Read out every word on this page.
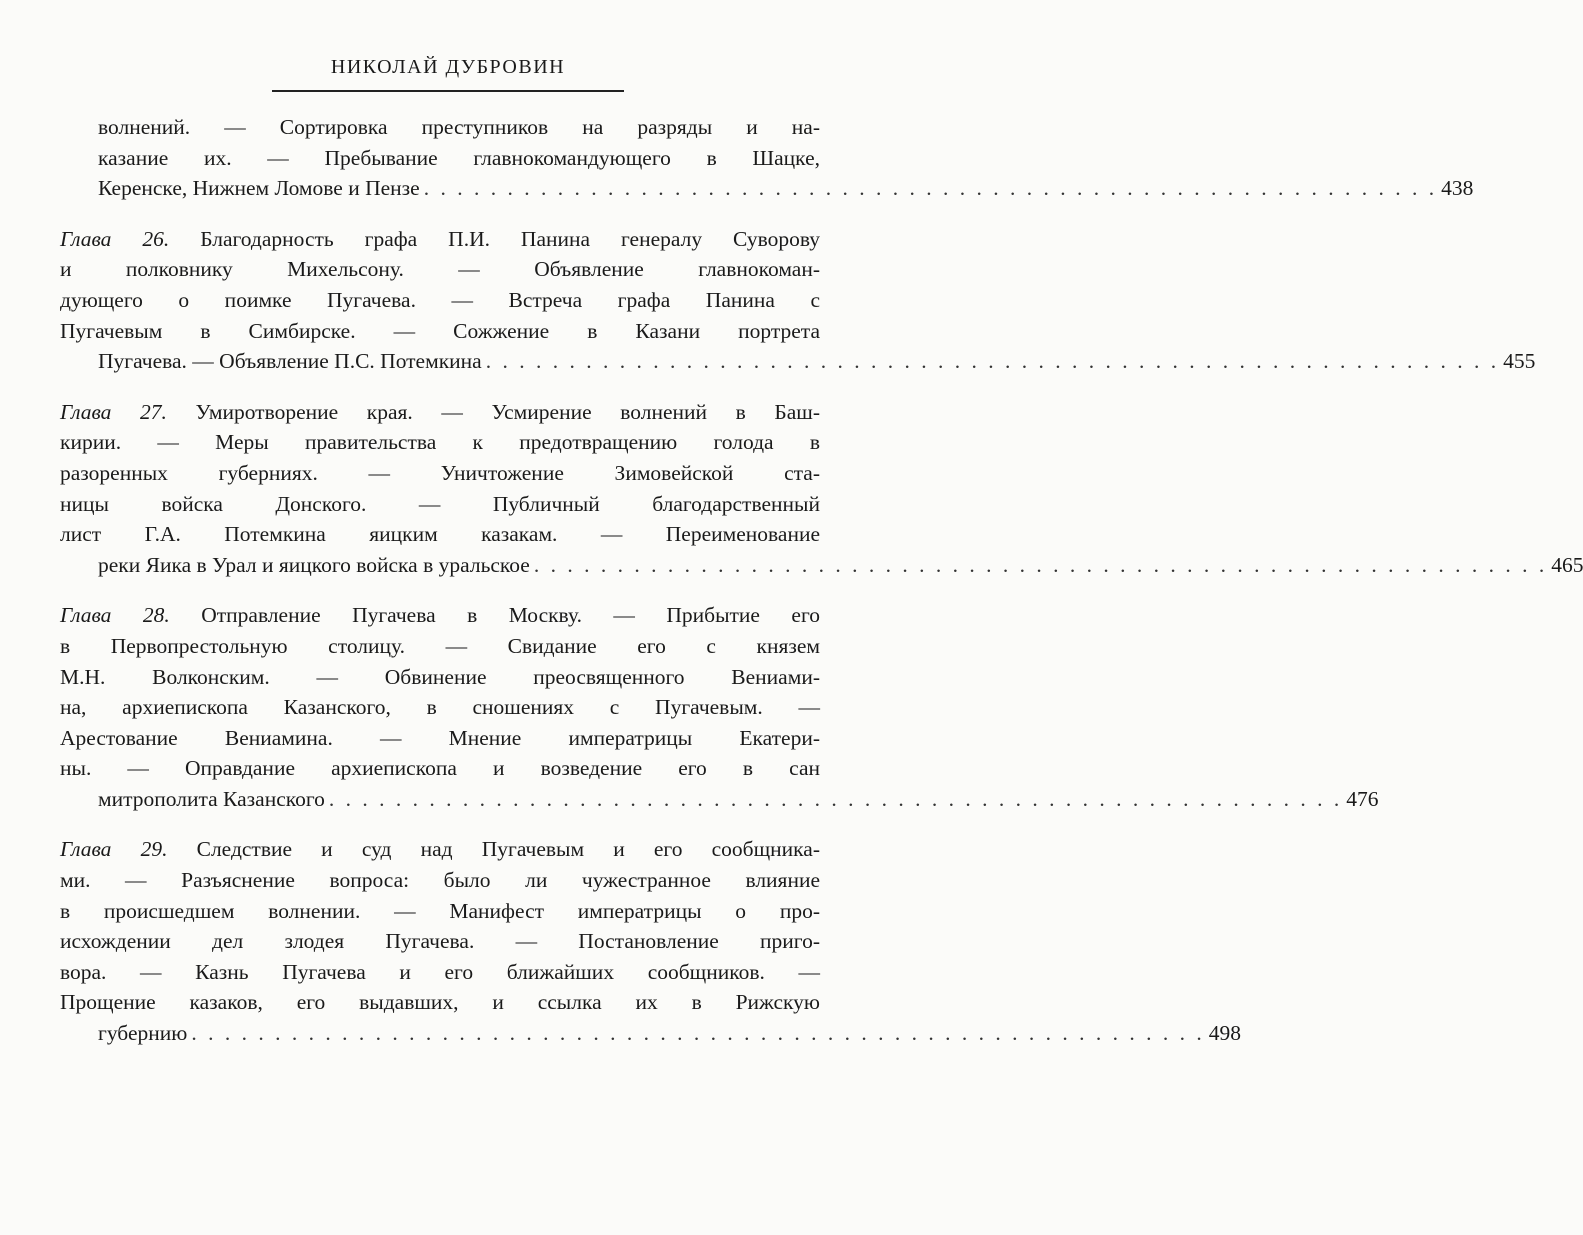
НИКОЛАЙ ДУБРОВИН
волнений. — Сортировка преступников на разряды и на-
казание их. — Пребывание главнокомандующего в Шацке,
Керенске, Нижнем Ломове и Пензе . . . . . . . . . . . . . . . . . . . . . . . . . . . . . . . . . . . . . . . . . . . . . . . . . . . . . . . . . . . . . 438
Глава 26. Благодарность графа П.И. Панина генералу Суворову
и полковнику Михельсону. — Объявление главнокоман-
дующего о поимке Пугачева. — Встреча графа Панина с
Пугачевым в Симбирске. — Сожжение в Казани портрета
Пугачева. — Объявление П.С. Потемкина . . . . . . . . . . . . . . . . . . . . . . . . . . . . . . . . . . . . . . . . . . . . . . . . . . . . . . . . . . . . . 455
Глава 27. Умиротворение края. — Усмирение волнений в Баш-
кирии. — Меры правительства к предотвращению голода в
разоренных губерниях. — Уничтожение Зимовейской ста-
ницы войска Донского. — Публичный благодарственный
лист Г.А. Потемкина яицким казакам. — Переименование
реки Яика в Урал и яицкого войска в уральское . . . . . . . . . . . . . . . . . . . . . . . . . . . . . . . . . . . . . . . . . . . . . . . . . . . . . . . . . . . . . 465
Глава 28. Отправление Пугачева в Москву. — Прибытие его
в Первопрестольную столицу. — Свидание его с князем
М.Н. Волконским. — Обвинение преосвященного Вениами-
на, архиепископа Казанского, в сношениях с Пугачевым. —
Арестование Вениамина. — Мнение императрицы Екатери-
ны. — Оправдание архиепископа и возведение его в сан
митрополита Казанского . . . . . . . . . . . . . . . . . . . . . . . . . . . . . . . . . . . . . . . . . . . . . . . . . . . . . . . . . . . . . 476
Глава 29. Следствие и суд над Пугачевым и его сообщника-
ми. — Разъяснение вопроса: было ли чужестранное влияние
в происшедшем волнении. — Манифест императрицы о про-
исхождении дел злодея Пугачева. — Постановление приго-
вора. — Казнь Пугачева и его ближайших сообщников. —
Прощение казаков, его выдавших, и ссылка их в Рижскую
губернию . . . . . . . . . . . . . . . . . . . . . . . . . . . . . . . . . . . . . . . . . . . . . . . . . . . . . . . . . . . . . 498
